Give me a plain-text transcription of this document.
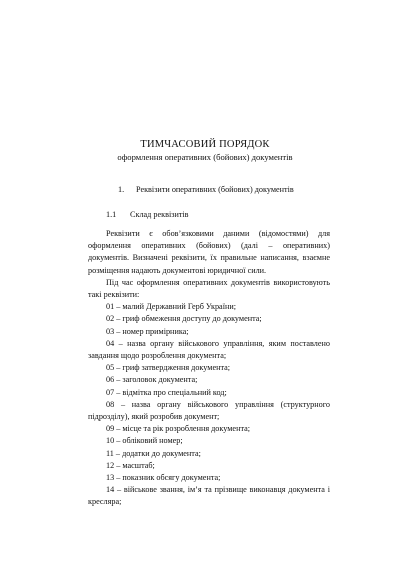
ТИМЧАСОВИЙ ПОРЯДОК
оформлення оперативних (бойових) документів

1. Реквізити оперативних (бойових) документів

1.1 Склад реквізитів

Реквізити є обов’язковими даними (відомостями) для оформлення оперативних (бойових) (далі – оперативних) документів. Визначені реквізити, їх правильне написання, взаємне розміщення надають документові юридичної сили.

Під час оформлення оперативних документів використовують такі реквізити:

01 – малий Державний Герб України;

02 – гриф обмеження доступу до документа;

03 – номер примірника;

04 – назва органу військового управління, яким поставлено завдання щодо розроблення документа;

05 – гриф затвердження документа;

06 – заголовок документа;

07 – відмітка про спеціальний код;

08 – назва органу військового управління (структурного підрозділу), який розробив документ;

09 – місце та рік розроблення документа;

10 – обліковий номер;

11 – додатки до документа;

12 – масштаб;

13 – показник обсягу документа;

14 – військове звання, ім’я та прізвище виконавця документа і креслярa;
